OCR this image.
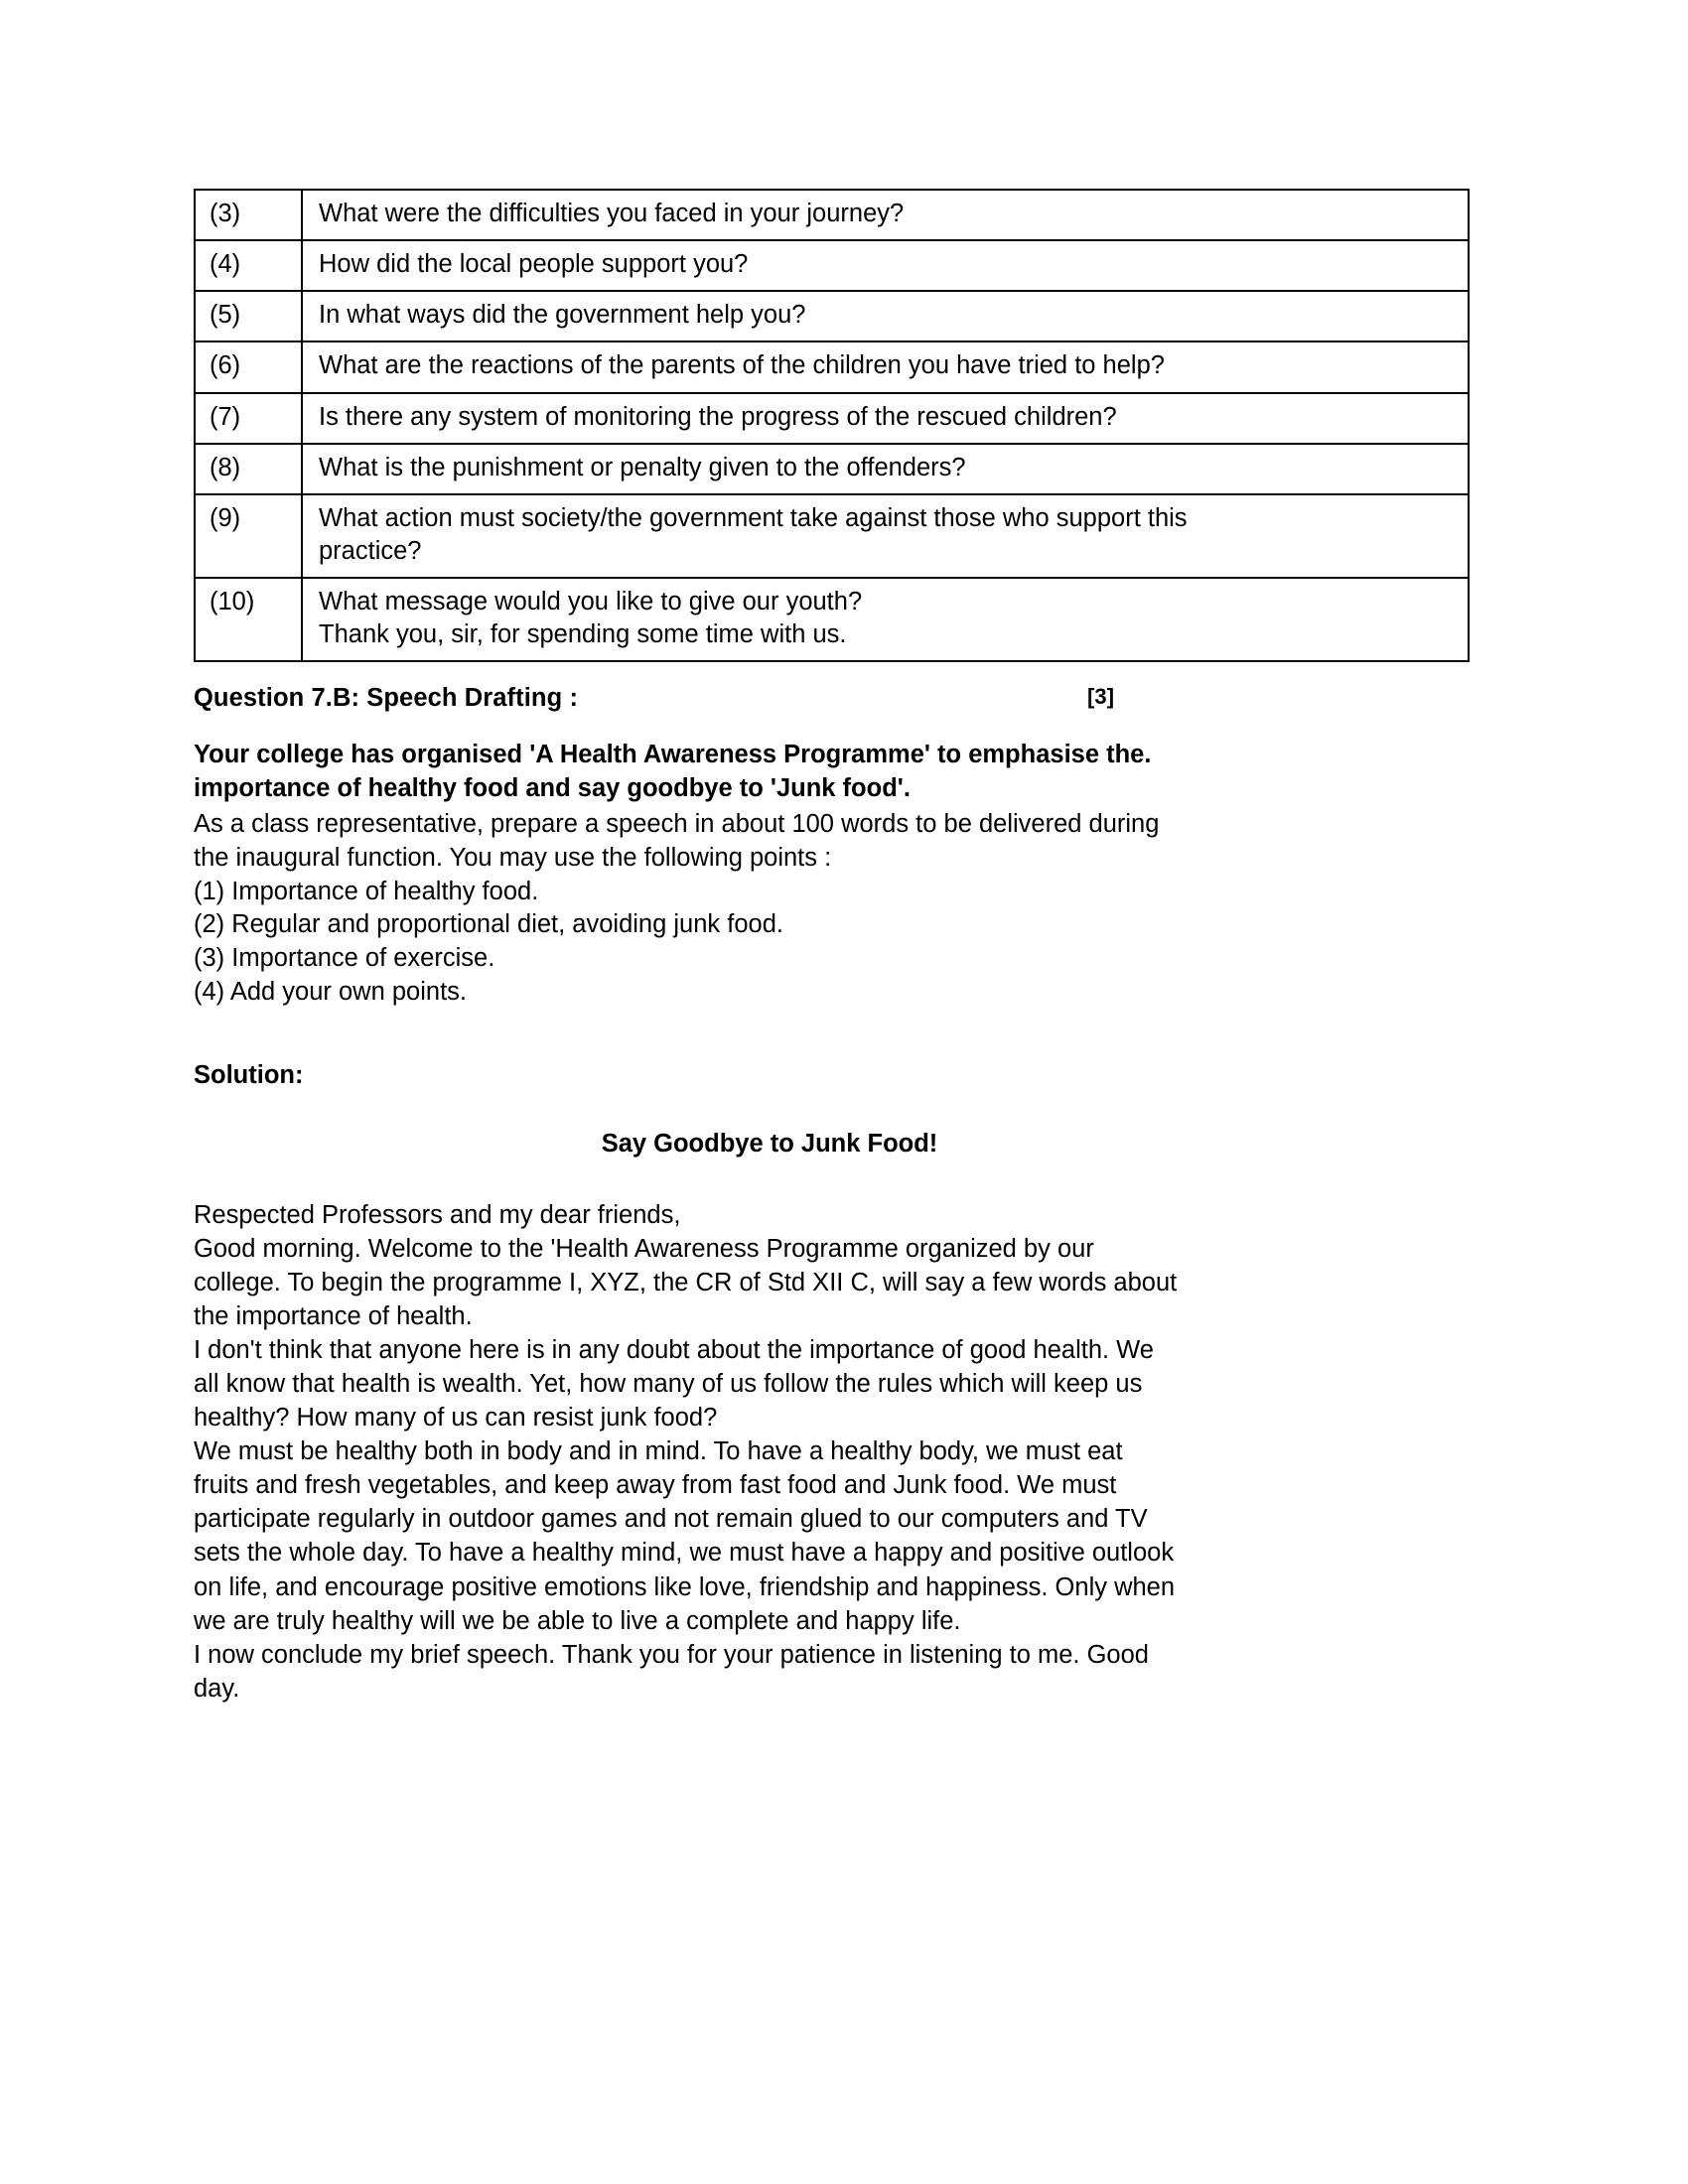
(3)	What were the difficulties you faced in your journey?

(4)	How did the local people support you?

(5)	In what ways did the government help you?

(6)	What are the reactions of the parents of the children you have tried to help?

(7)	Is there any system of monitoring the progress of the rescued children?

(8)	What is the punishment or penalty given to the offenders?

(9)	What action must society/the government take against those who support this
practice?

(10)	What message would you like to give our youth?
Thank you, sir, for spending some time with us.
Question 7.B: Speech Drafting :	[3]
Your college has organised 'A Health Awareness Programme' to emphasise the.
importance of healthy food and say goodbye to 'Junk food'.
As a class representative, prepare a speech in about 100 words to be delivered during
the inaugural function. You may use the following points :
(1) Importance of healthy food.
(2) Regular and proportional diet, avoiding junk food.
(3) Importance of exercise.
(4) Add your own points.
Solution:
Say Goodbye to Junk Food!

Respected Professors and my dear friends,

Good morning. Welcome to the 'Health Awareness Programme organized by our
college. To begin the programme I, XYZ, the CR of Std XII C, will say a few words about
the importance of health.

I don't think that anyone here is in any doubt about the importance of good health. We
all know that health is wealth. Yet, how many of us follow the rules which will keep us
healthy? How many of us can resist junk food?

We must be healthy both in body and in mind. To have a healthy body, we must eat
fruits and fresh vegetables, and keep away from fast food and Junk food. We must
participate regularly in outdoor games and not remain glued to our computers and TV
sets the whole day. To have a healthy mind, we must have a happy and positive outlook
on life, and encourage positive emotions like love, friendship and happiness. Only when
we are truly healthy will we be able to live a complete and happy life.

I now conclude my brief speech. Thank you for your patience in listening to me. Good
day.
